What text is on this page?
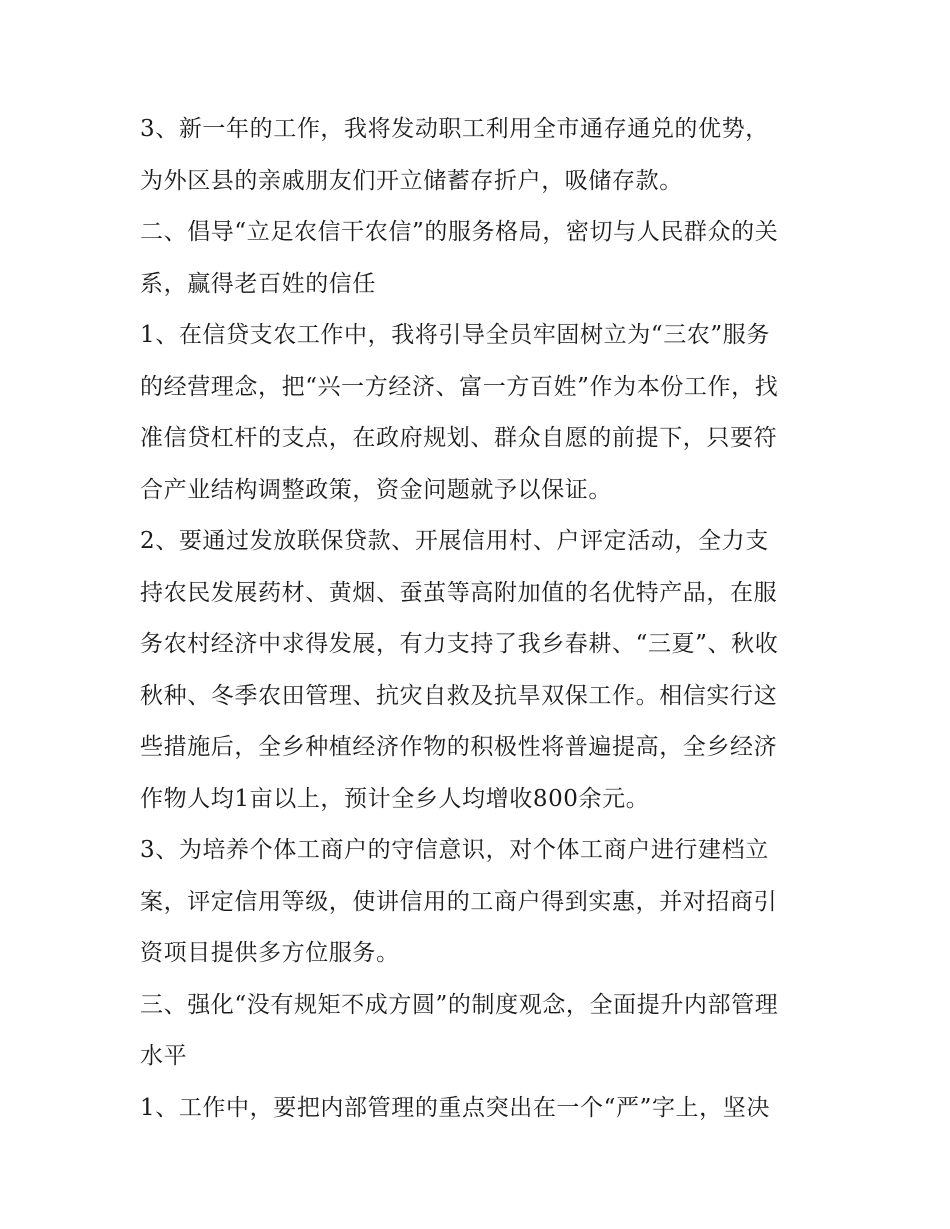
3、新一年的工作，我将发动职工利用全市通存通兑的优势，
为外区县的亲戚朋友们开立储蓄存折户，吸储存款。
二、倡导“立足农信干农信”的服务格局，密切与人民群众的关
系，赢得老百姓的信任
1、在信贷支农工作中，我将引导全员牢固树立为“三农”服务
的经营理念，把“兴一方经济、富一方百姓”作为本份工作，找
准信贷杠杆的支点，在政府规划、群众自愿的前提下，只要符
合产业结构调整政策，资金问题就予以保证。
2、要通过发放联保贷款、开展信用村、户评定活动，全力支
持农民发展药材、黄烟、蚕茧等高附加值的名优特产品，在服
务农村经济中求得发展，有力支持了我乡春耕、“三夏”、秋收
秋种、冬季农田管理、抗灾自救及抗旱双保工作。相信实行这
些措施后，全乡种植经济作物的积极性将普遍提高，全乡经济
作物人均1亩以上，预计全乡人均增收800余元。
3、为培养个体工商户的守信意识，对个体工商户进行建档立
案，评定信用等级，使讲信用的工商户得到实惠，并对招商引
资项目提供多方位服务。
三、强化“没有规矩不成方圆”的制度观念，全面提升内部管理
水平
1、工作中，要把内部管理的重点突出在一个“严”字上，坚决
